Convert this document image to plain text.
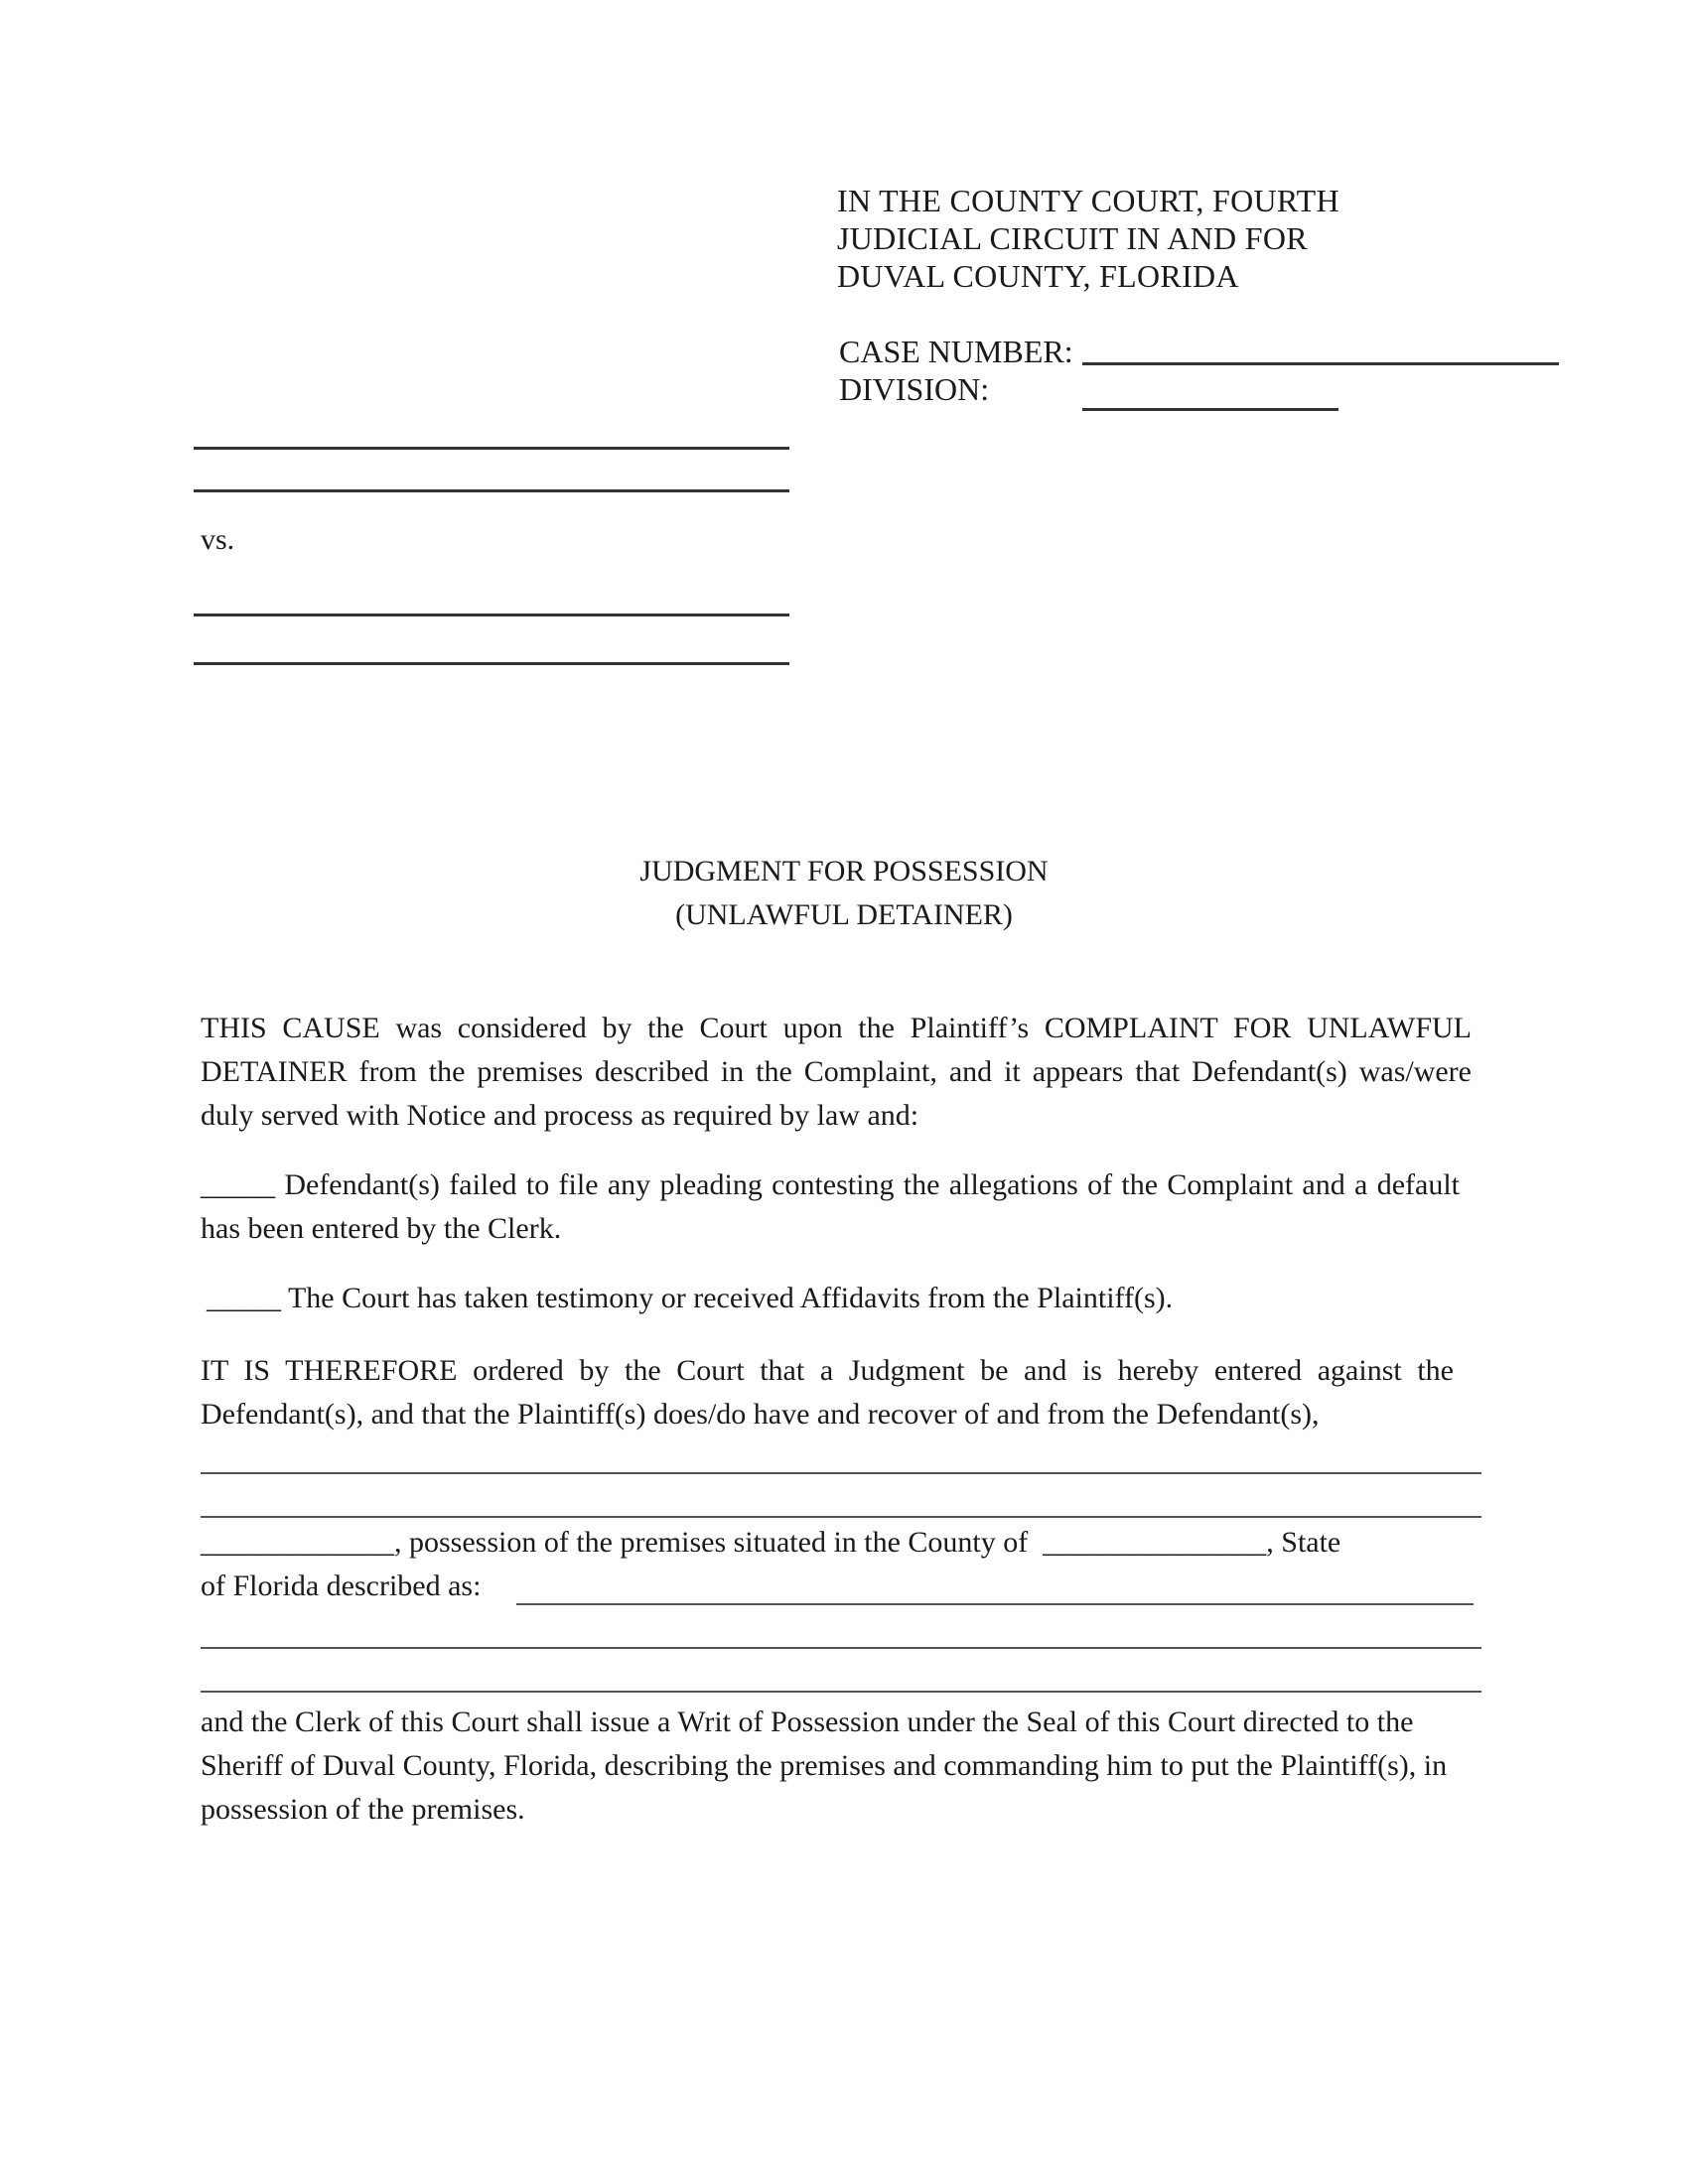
IN THE COUNTY COURT, FOURTH
JUDICIAL CIRCUIT IN AND FOR
DUVAL COUNTY, FLORIDA
CASE NUMBER:
DIVISION:
vs.
JUDGMENT FOR POSSESSION
(UNLAWFUL DETAINER)
THIS CAUSE was considered by the Court upon the Plaintiff’s COMPLAINT FOR UNLAWFUL DETAINER from the premises described in the Complaint, and it appears that Defendant(s) was/were duly served with Notice and process as required by law and:
_____ Defendant(s) failed to file any pleading contesting the allegations of the Complaint and a default has been entered by the Clerk.
_____ The Court has taken testimony or received Affidavits from the Plaintiff(s).
IT IS THEREFORE ordered by the Court that a Judgment be and is hereby entered against the Defendant(s), and that the Plaintiff(s) does/do have and recover of and from the Defendant(s),
_____________, possession of the premises situated in the County of _______________, State
of Florida described as:
and the Clerk of this Court shall issue a Writ of Possession under the Seal of this Court directed to the Sheriff of Duval County, Florida, describing the premises and commanding him to put the Plaintiff(s), in possession of the premises.
